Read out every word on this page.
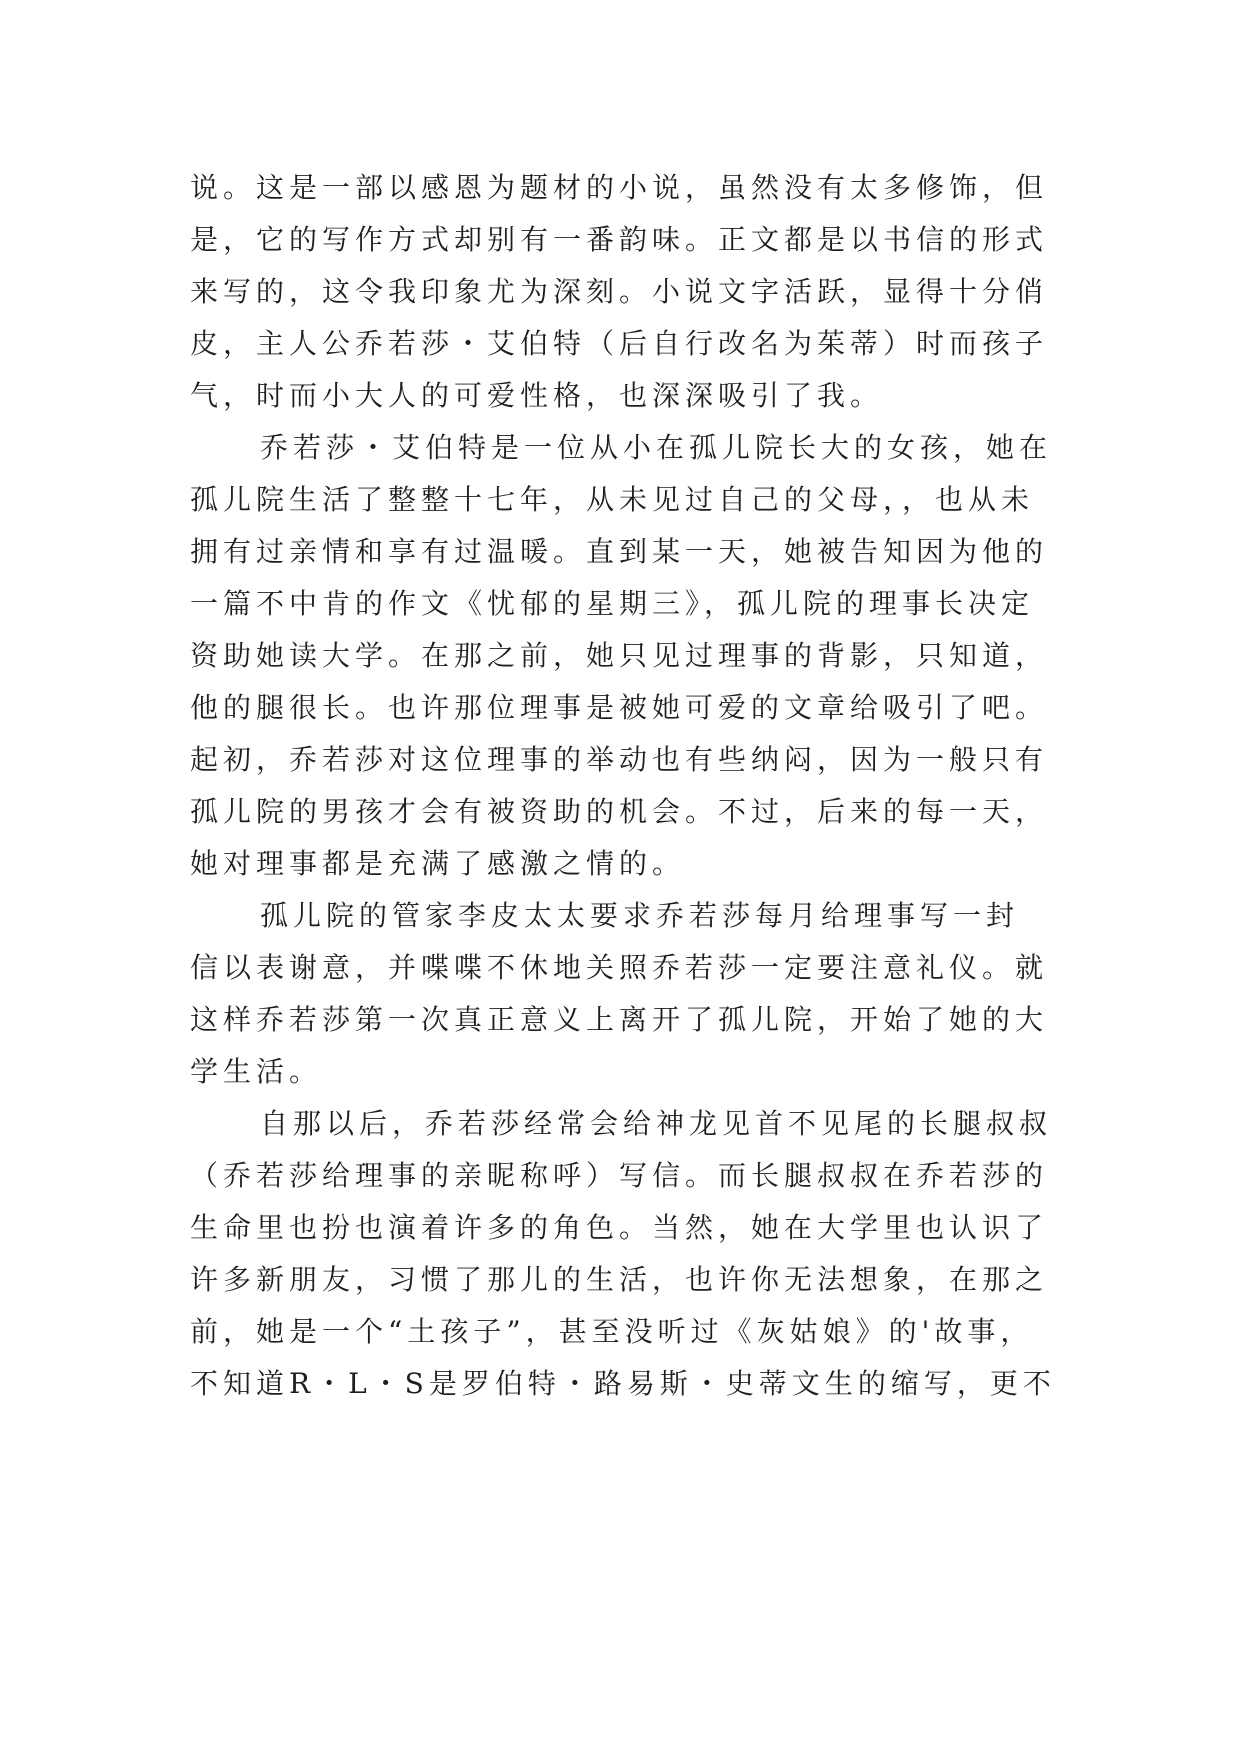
说。这是一部以感恩为题材的小说，虽然没有太多修饰，但
是，它的写作方式却别有一番韵味。正文都是以书信的形式
来写的，这令我印象尤为深刻。小说文字活跃，显得十分俏
皮，主人公乔若莎・艾伯特（后自行改名为茱蒂）时而孩子
气，时而小大人的可爱性格，也深深吸引了我。
乔若莎・艾伯特是一位从小在孤儿院长大的女孩，她在
孤儿院生活了整整十七年，从未见过自己的父母，，也从未
拥有过亲情和享有过温暖。直到某一天，她被告知因为他的
一篇不中肯的作文《忧郁的星期三》，孤儿院的理事长决定
资助她读大学。在那之前，她只见过理事的背影，只知道，
他的腿很长。也许那位理事是被她可爱的文章给吸引了吧。
起初，乔若莎对这位理事的举动也有些纳闷，因为一般只有
孤儿院的男孩才会有被资助的机会。不过，后来的每一天，
她对理事都是充满了感激之情的。
孤儿院的管家李皮太太要求乔若莎每月给理事写一封
信以表谢意，并喋喋不休地关照乔若莎一定要注意礼仪。就
这样乔若莎第一次真正意义上离开了孤儿院，开始了她的大
学生活。
自那以后，乔若莎经常会给神龙见首不见尾的长腿叔叔
（乔若莎给理事的亲昵称呼）写信。而长腿叔叔在乔若莎的
生命里也扮也演着许多的角色。当然，她在大学里也认识了
许多新朋友，习惯了那儿的生活，也许你无法想象，在那之
前，她是一个“土孩子”，甚至没听过《灰姑娘》的'故事，
不知道R・L・S是罗伯特・路易斯・史蒂文生的缩写，更不
